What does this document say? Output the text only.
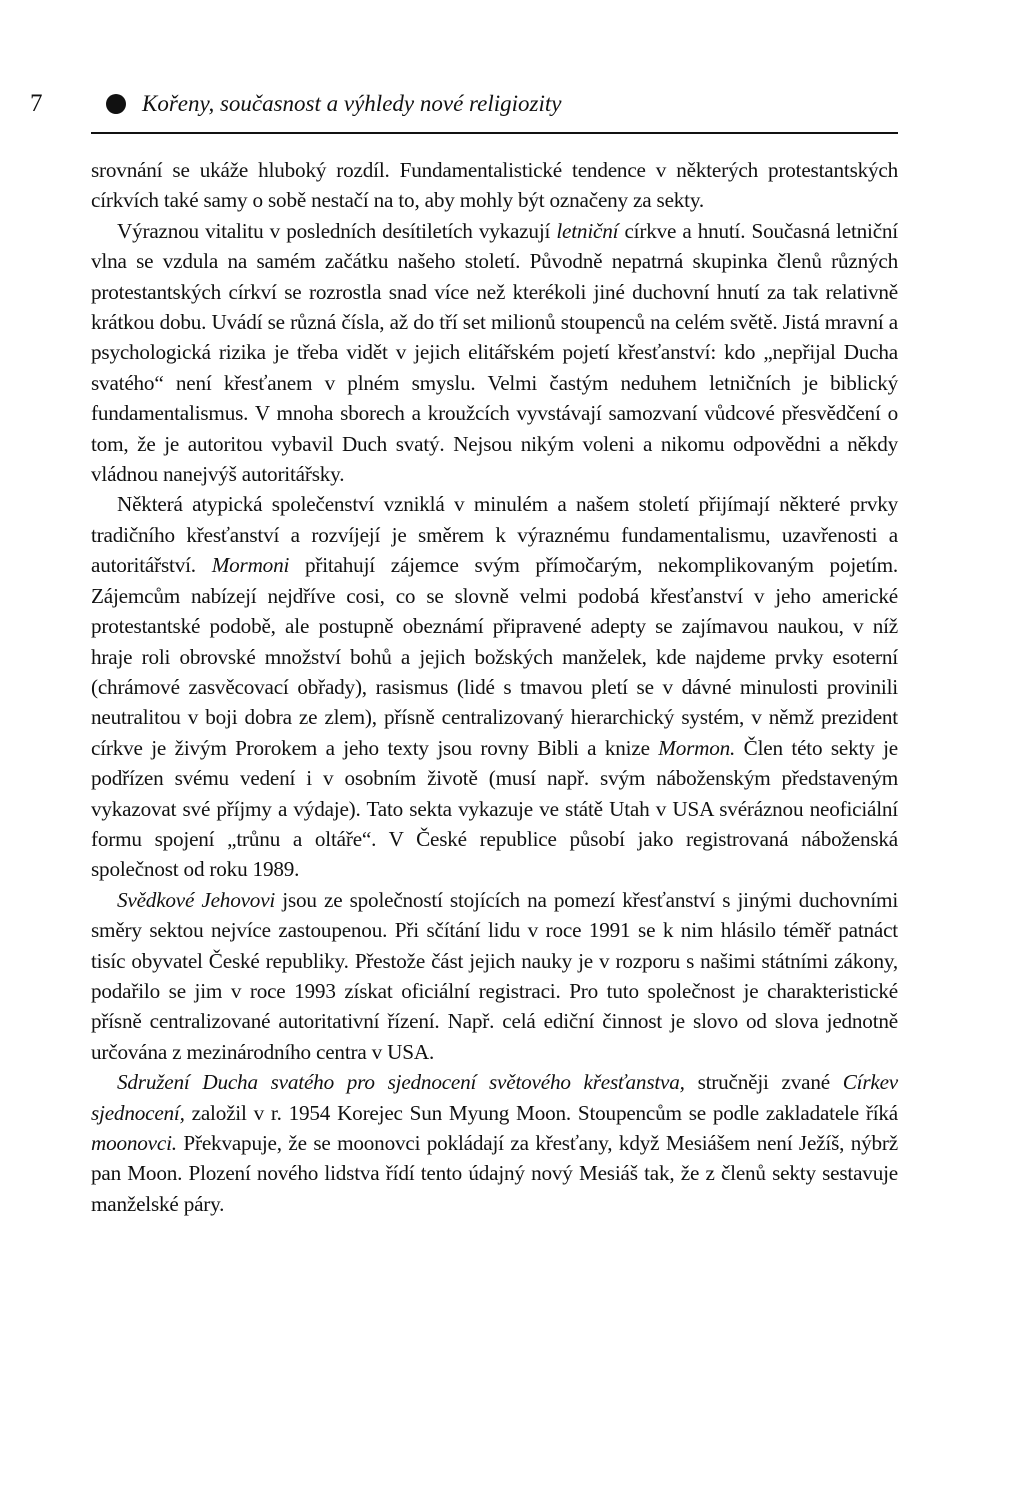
7	Kořeny, současnost a výhledy nové religiozity

srovnání se ukáže hluboký rozdíl. Fundamentalistické tendence v některých protestantských církvích také samy o sobě nestačí na to, aby mohly být označeny za sekty.

Výraznou vitalitu v posledních desítiletích vykazují letniční církve a hnutí. Současná letniční vlna se vzdula na samém začátku našeho století. Původně nepatrná skupinka členů různých protestantských církví se rozrostla snad více než kterékoli jiné duchovní hnutí za tak relativně krátkou dobu. Uvádí se různá čísla, až do tří set milionů stoupenců na celém světě. Jistá mravní a psychologická rizika je třeba vidět v jejich elitářském pojetí křesťanství: kdo „nepřijal Ducha svatého“ není křesťanem v plném smyslu. Velmi častým neduhem letničních je biblický fundamentalismus. V mnoha sborech a kroužcích vyvstávají samozvaní vůdcové přesvědčení o tom, že je autoritou vybavil Duch svatý. Nejsou nikým voleni a nikomu odpovědni a někdy vládnou nanejvýš autoritářsky.

Některá atypická společenství vzniklá v minulém a našem století přijímají některé prvky tradičního křesťanství a rozvíjejí je směrem k výraznému fundamentalismu, uzavřenosti a autoritářství. Mormoni přitahují zájemce svým přímočarým, nekomplikovaným pojetím. Zájemcům nabízejí nejdříve cosi, co se slovně velmi podobá křesťanství v jeho americké protestantské podobě, ale postupně obeznámí připravené adepty se zajímavou naukou, v níž hraje roli obrovské množství bohů a jejich božských manželek, kde najdeme prvky esoterní (chrámové zasvěcovací obřady), rasismus (lidé s tmavou pletí se v dávné minulosti provinili neutralitou v boji dobra ze zlem), přísně centralizovaný hierarchický systém, v němž prezident církve je živým Prorokem a jeho texty jsou rovny Bibli a knize Mormon. Člen této sekty je podřízen svému vedení i v osobním životě (musí např. svým náboženským představeným vykazovat své příjmy a výdaje). Tato sekta vykazuje ve státě Utah v USA svéráznou neoficiální formu spojení „trůnu a oltáře“. V České republice působí jako registrovaná náboženská společnost od roku 1989.

Svědkové Jehovovi jsou ze společností stojících na pomezí křesťanství s jinými duchovními směry sektou nejvíce zastoupenou. Při sčítání lidu v roce 1991 se k nim hlásilo téměř patnáct tisíc obyvatel České republiky. Přestože část jejich nauky je v rozporu s našimi státními zákony, podařilo se jim v roce 1993 získat oficiální registraci. Pro tuto společnost je charakteristické přísně centralizované autoritativní řízení. Např. celá ediční činnost je slovo od slova jednotně určována z mezinárodního centra v USA.

Sdružení Ducha svatého pro sjednocení světového křesťanstva, stručněji zvané Církev sjednocení, založil v r. 1954 Korejec Sun Myung Moon. Stoupencům se podle zakladatele říká moonovci. Překvapuje, že se moonovci pokládají za křesťany, když Mesiášem není Ježíš, nýbrž pan Moon. Plození nového lidstva řídí tento údajný nový Mesiáš tak, že z členů sekty sestavuje manželské páry.
